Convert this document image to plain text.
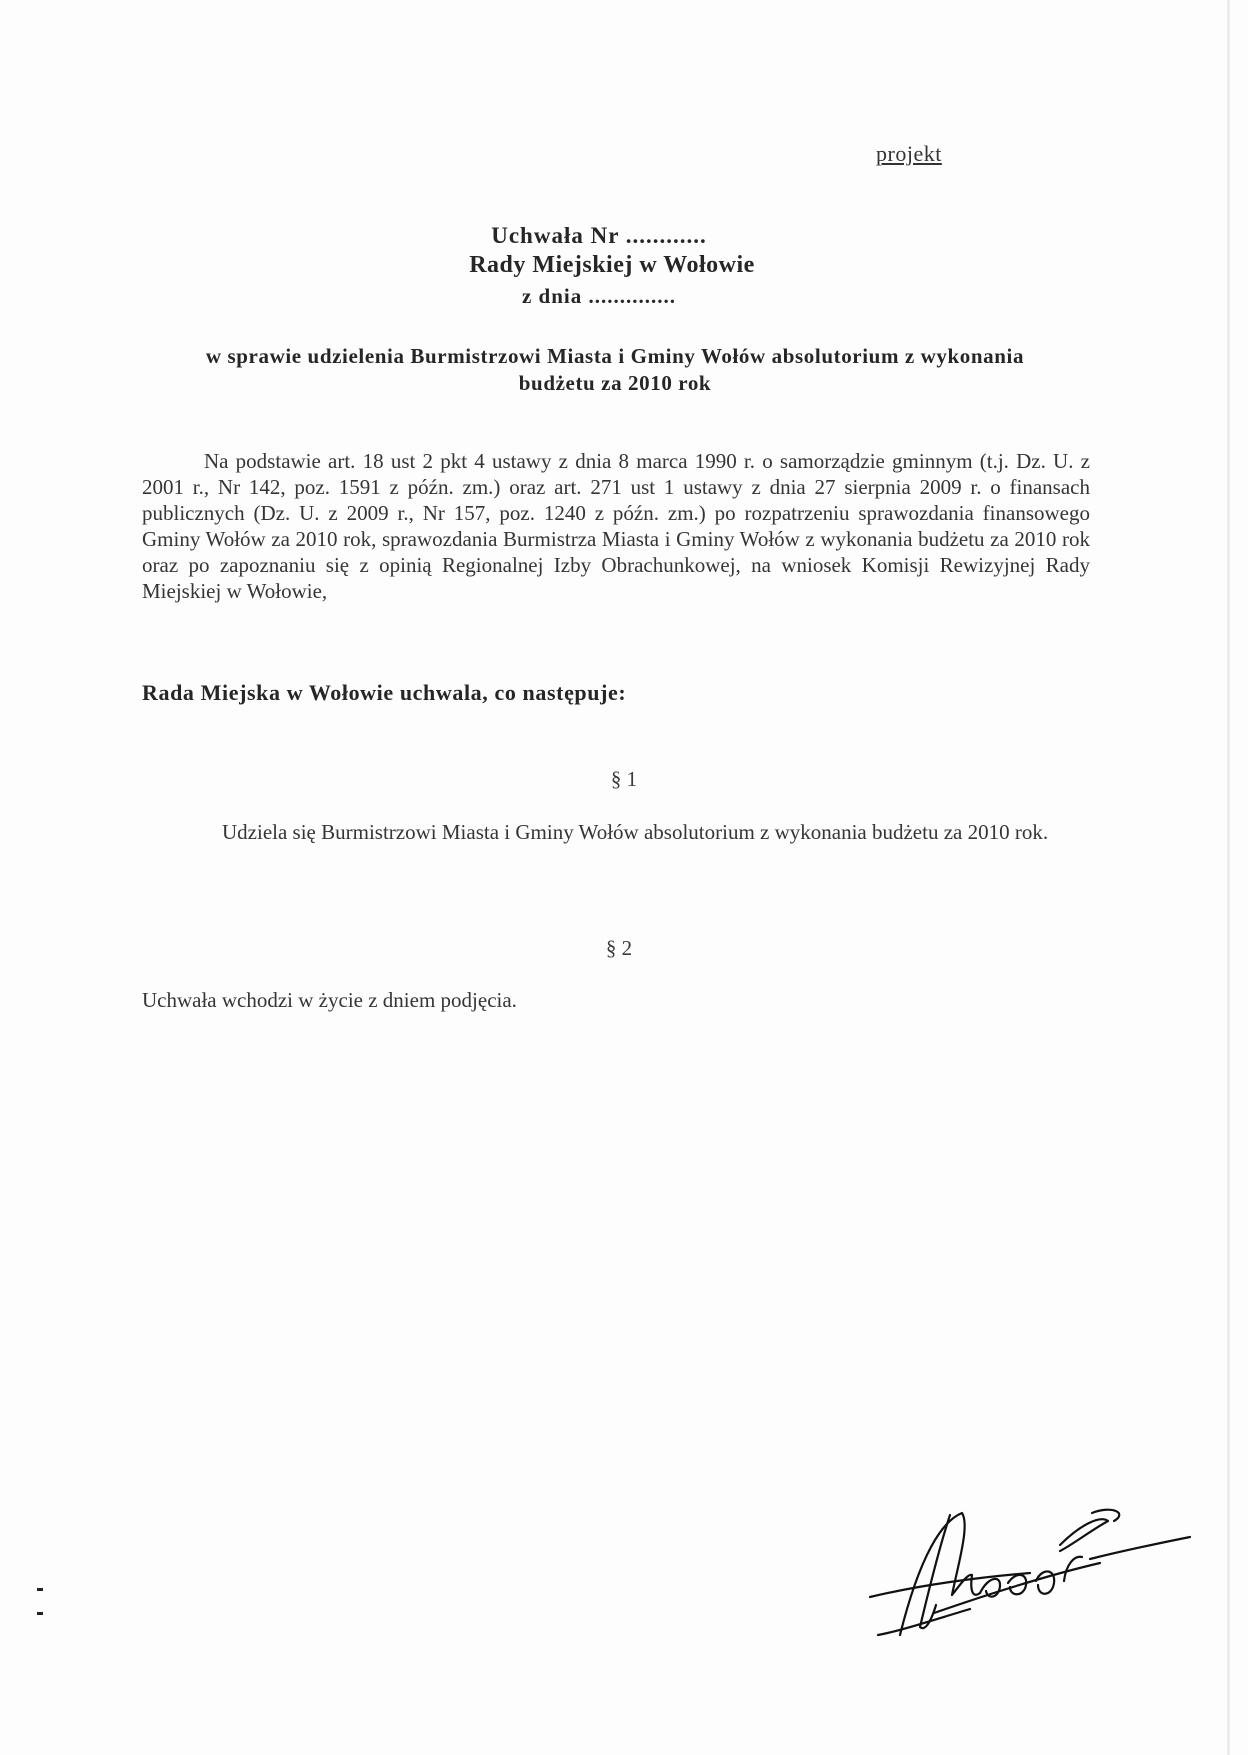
projekt
Uchwała Nr ............
Rady Miejskiej w Wołowie
z dnia ..............
w sprawie udzielenia Burmistrzowi Miasta i Gminy Wołów absolutorium z wykonania
budżetu za 2010 rok
Na podstawie art. 18 ust 2 pkt 4 ustawy z dnia 8 marca 1990 r. o samorządzie gminnym (t.j. Dz. U. z 2001 r., Nr 142, poz. 1591 z późn. zm.) oraz art. 271 ust 1 ustawy z dnia 27 sierpnia 2009 r. o finansach publicznych (Dz. U. z 2009 r., Nr 157, poz. 1240 z późn. zm.) po rozpatrzeniu sprawozdania finansowego Gminy Wołów za 2010 rok, sprawozdania Burmistrza Miasta i Gminy Wołów z wykonania budżetu za 2010 rok oraz po zapoznaniu się z opinią Regionalnej Izby Obrachunkowej, na wniosek Komisji Rewizyjnej Rady Miejskiej w Wołowie,
Rada Miejska w Wołowie uchwala, co następuje:
§ 1
Udziela się Burmistrzowi Miasta i Gminy Wołów absolutorium z wykonania budżetu za 2010 rok.
§ 2
Uchwała wchodzi w życie z dniem podjęcia.
